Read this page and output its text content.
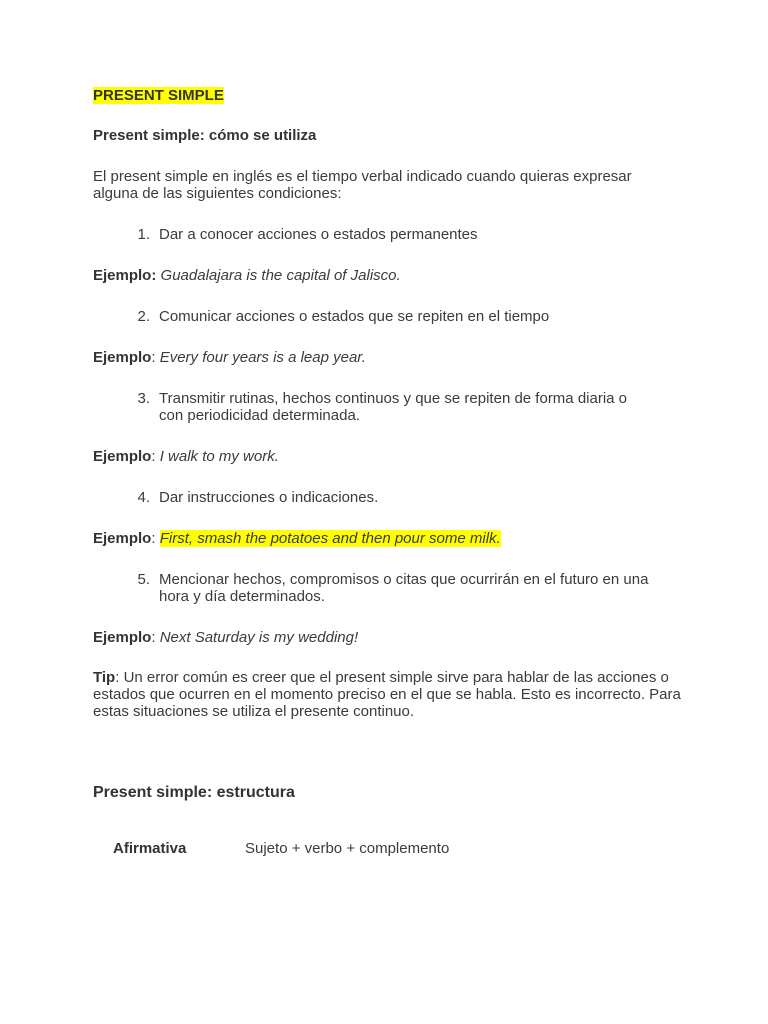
PRESENT SIMPLE
Present simple: cómo se utiliza
El present simple en inglés es el tiempo verbal indicado cuando quieras expresar alguna de las siguientes condiciones:
1. Dar a conocer acciones o estados permanentes
Ejemplo: Guadalajara is the capital of Jalisco.
2. Comunicar acciones o estados que se repiten en el tiempo
Ejemplo: Every four years is a leap year.
3. Transmitir rutinas, hechos continuos y que se repiten de forma diaria o con periodicidad determinada.
Ejemplo: I walk to my work.
4. Dar instrucciones o indicaciones.
Ejemplo: First, smash the potatoes and then pour some milk.
5. Mencionar hechos, compromisos o citas que ocurrirán en el futuro en una hora y día determinados.
Ejemplo: Next Saturday is my wedding!
Tip: Un error común es creer que el present simple sirve para hablar de las acciones o estados que ocurren en el momento preciso en el que se habla. Esto es incorrecto. Para estas situaciones se utiliza el presente continuo.
Present simple: estructura
Afirmativa	Sujeto + verbo + complemento
